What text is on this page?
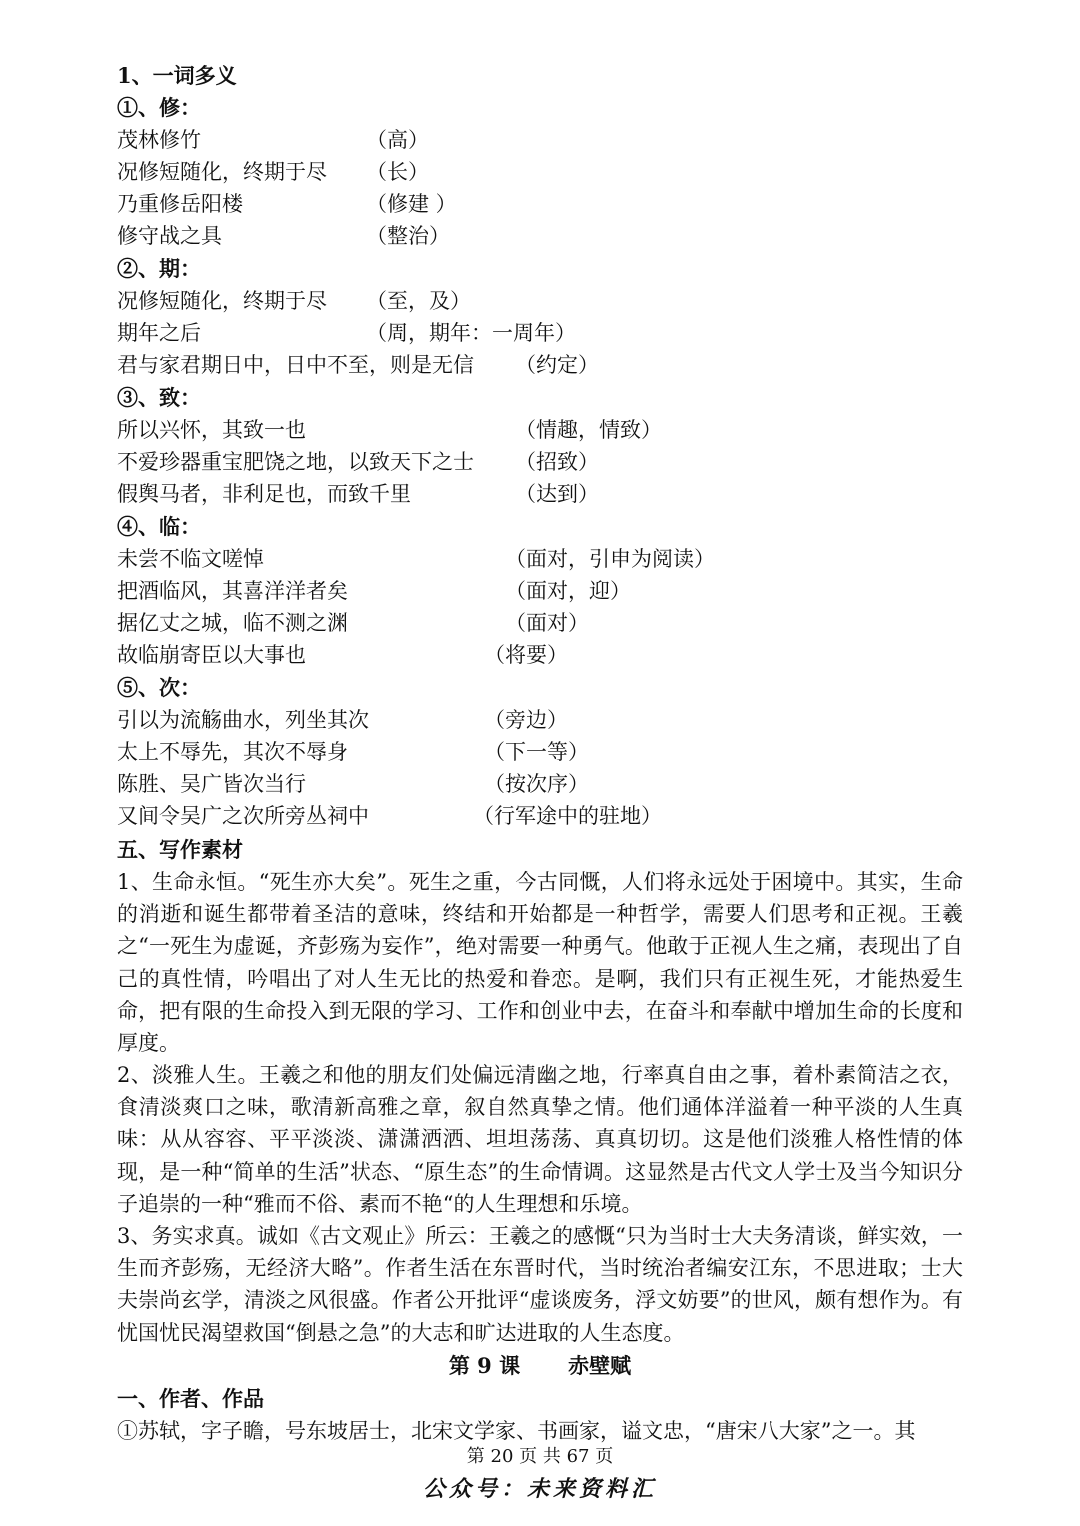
1、一词多义
①、修：
茂林修竹	（高）
况修短随化，终期于尽 （长）
乃重修岳阳楼	（修建 ）
修守战之具	（整治）
②、期：
况修短随化，终期于尽 （至，及）
期年之后	（周，期年：一周年）
君与家君期日中，日中不至，则是无信 （约定）
③、致：
所以兴怀，其致一也	（情趣，情致）
不爱珍器重宝肥饶之地，以致天下之士 （招致）
假舆马者，非利足也，而致千里	（达到）
④、临：
未尝不临文嗟悼	（面对，引申为阅读）
把酒临风，其喜洋洋者矣	（面对，迎）
据亿丈之城，临不测之渊	（面对）
故临崩寄臣以大事也	（将要）
⑤、次：
引以为流觞曲水，列坐其次	（旁边）
太上不辱先，其次不辱身	（下一等）
陈胜、吴广皆次当行	（按次序）
又间令吴广之次所旁丛祠中	（行军途中的驻地）
五、写作素材
1、生命永恒。“死生亦大矣”。死生之重，今古同慨，人们将永远处于困境中。其实，生命的消逝和诞生都带着圣洁的意味，终结和开始都是一种哲学，需要人们思考和正视。王羲之“一死生为虚诞，齐彭殇为妄作”，绝对需要一种勇气。他敢于正视人生之痛，表现出了自己的真性情，吟唱出了对人生无比的热爱和眷恋。是啊，我们只有正视生死，才能热爱生命，把有限的生命投入到无限的学习、工作和创业中去，在奋斗和奉献中增加生命的长度和厚度。
2、淡雅人生。王羲之和他的朋友们处偏远清幽之地，行率真自由之事，着朴素简洁之衣，食清淡爽口之味，歌清新高雅之章，叙自然真挚之情。他们通体洋溢着一种平淡的人生真味：从从容容、平平淡淡、潇潇洒洒、坦坦荡荡、真真切切。这是他们淡雅人格性情的体现，是一种“简单的生活”状态、“原生态”的生命情调。这显然是古代文人学士及当今知识分子追崇的一种“雅而不俗、素而不艳“的人生理想和乐境。
3、务实求真。诚如《古文观止》所云：王羲之的感慨“只为当时士大夫务清谈，鲜实效，一生而齐彭殇，无经济大略”。作者生活在东晋时代，当时统治者编安江东，不思进取；士大夫崇尚玄学，清淡之风很盛。作者公开批评“虚谈废务，浮文妨要”的世风，颇有想作为。有忧国忧民渴望救国“倒悬之急”的大志和旷达进取的人生态度。
第 9 课 赤壁赋
一、作者、作品
①苏轼，字子瞻，号东坡居士，北宋文学家、书画家，谥文忠，“唐宋八大家”之一。其
第 20 页 共 67 页
公众号：未来资料汇
